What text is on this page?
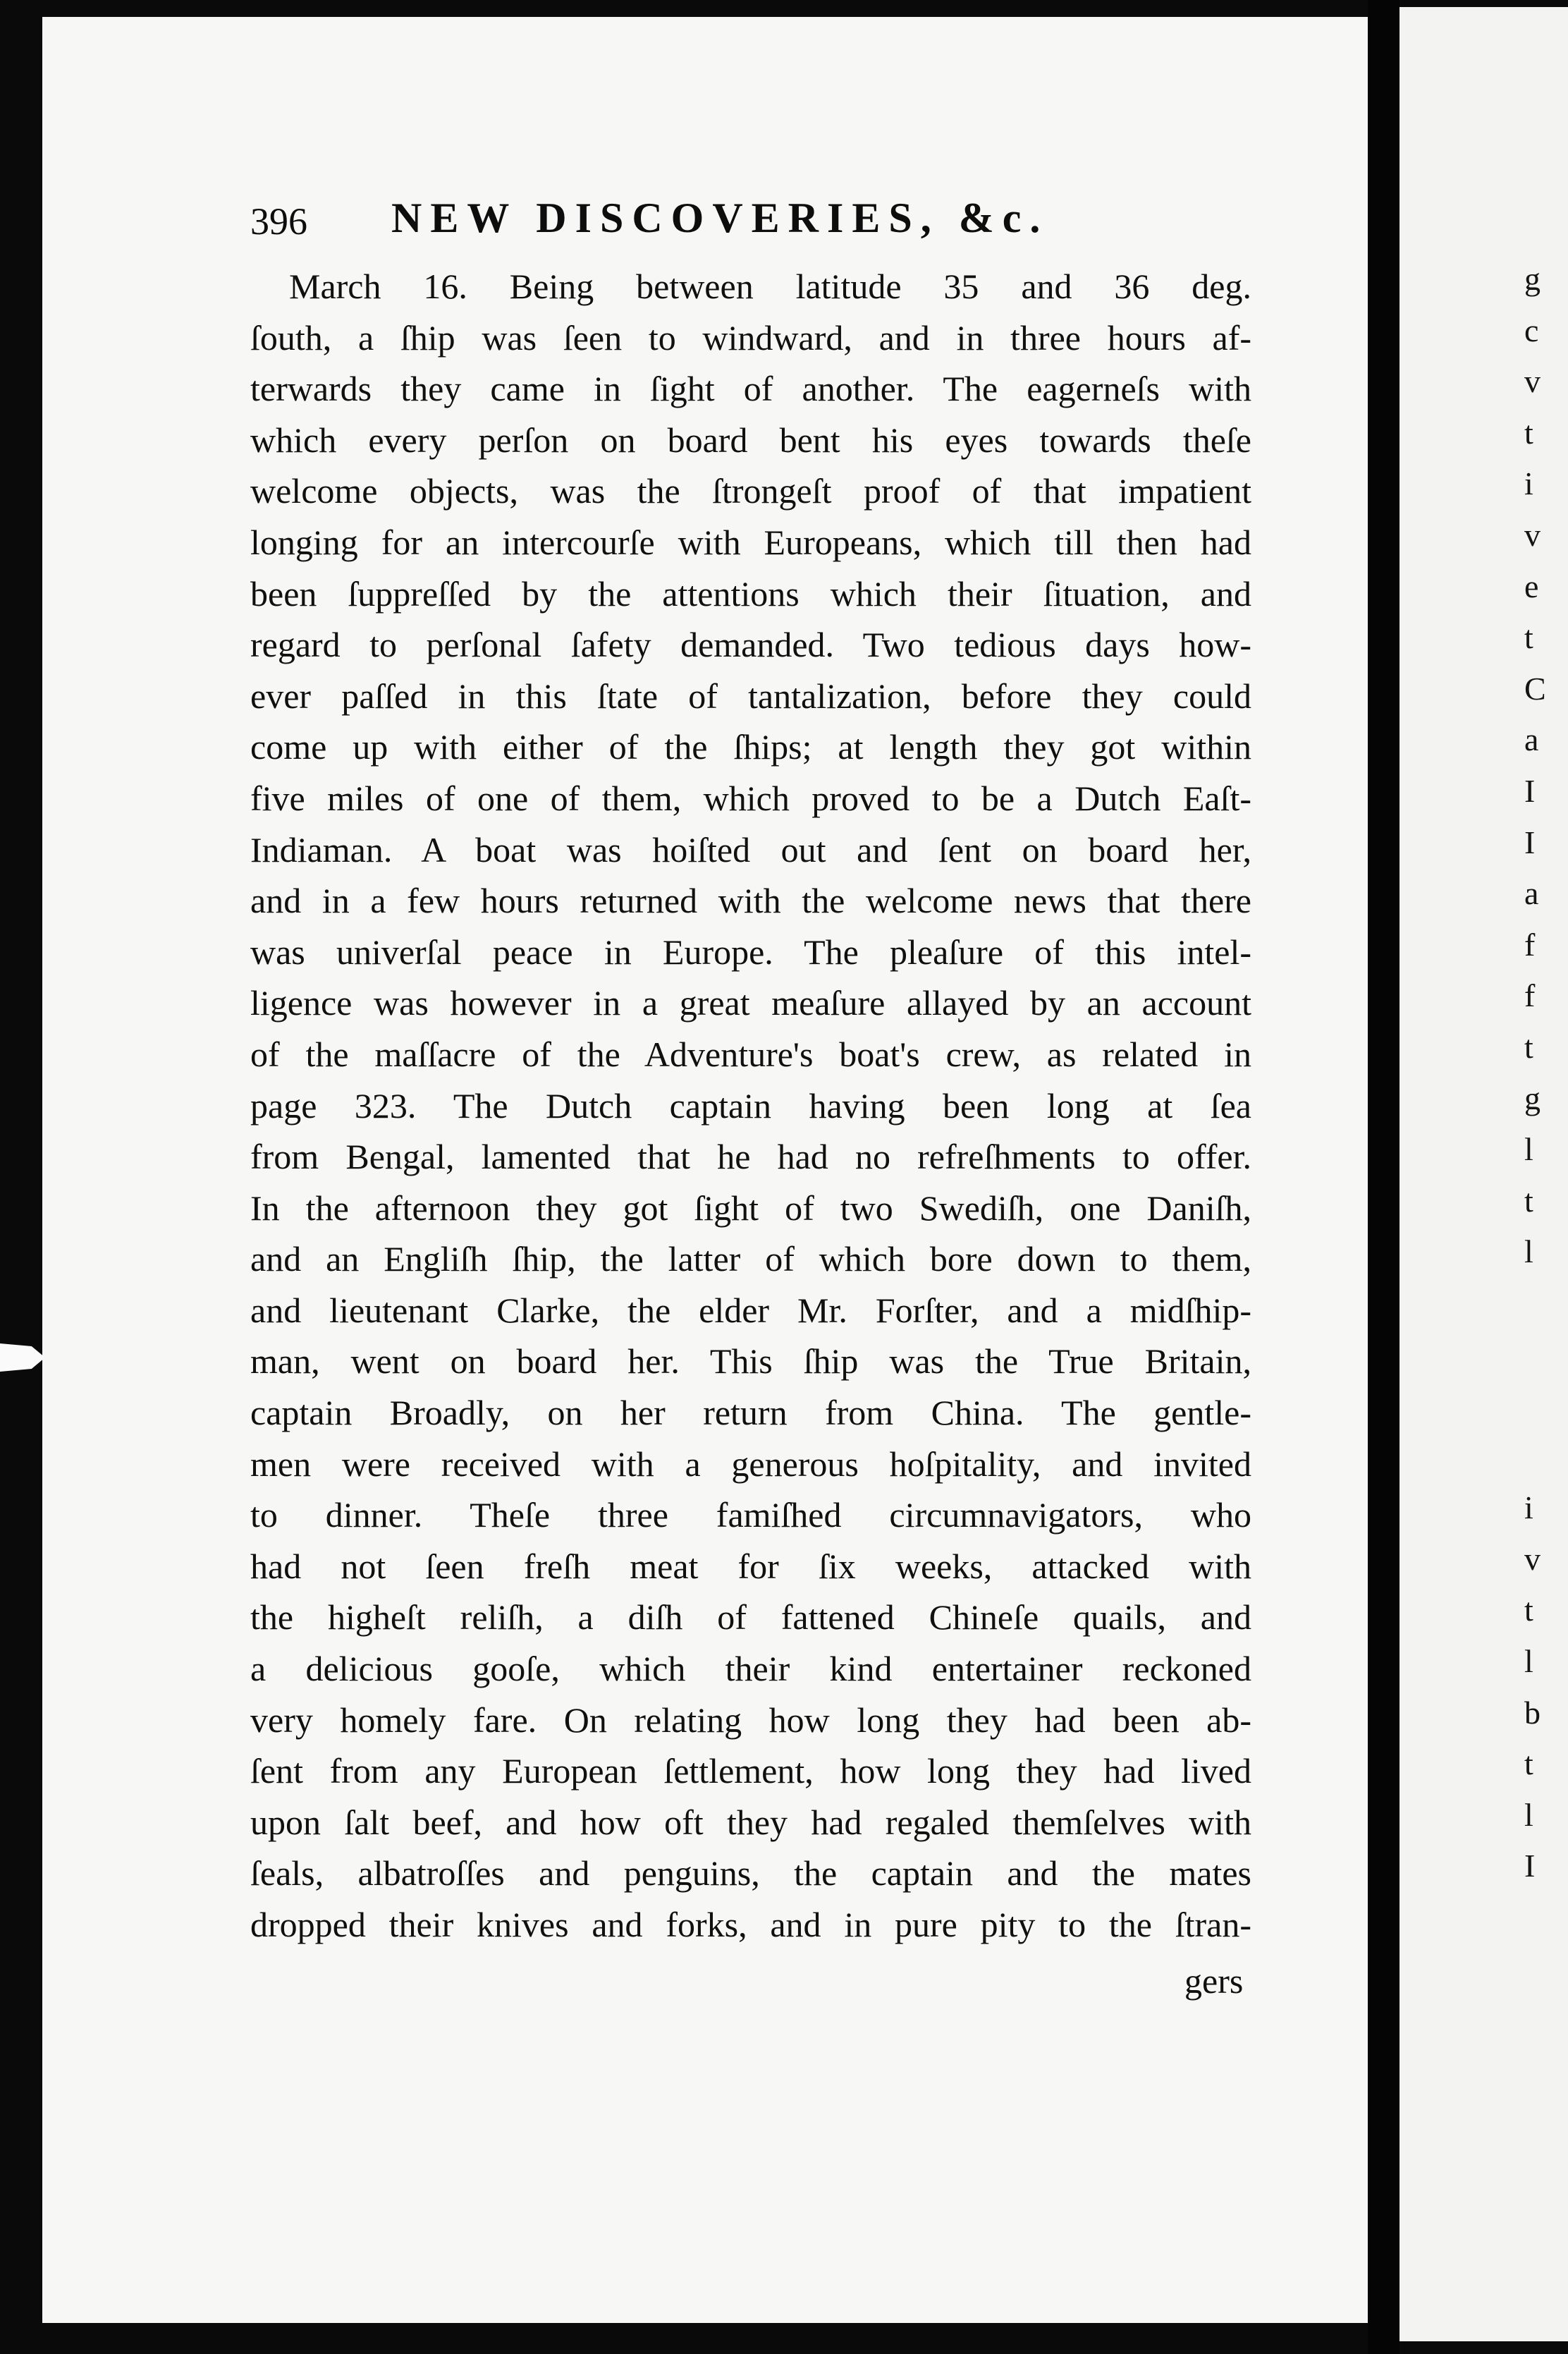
396 NEW DISCOVERIES, &c.
March 16. Being between latitude 35 and 36 deg.
ſouth, a ſhip was ſeen to windward, and in three hours af-
terwards they came in ſight of another. The eagerneſs with
which every perſon on board bent his eyes towards theſe
welcome objects, was the ſtrongeſt proof of that impatient
longing for an intercourſe with Europeans, which till then had
been ſuppreſſed by the attentions which their ſituation, and
regard to perſonal ſafety demanded. Two tedious days how-
ever paſſed in this ſtate of tantalization, before they could
come up with either of the ſhips; at length they got within
five miles of one of them, which proved to be a Dutch Eaſt-
Indiaman. A boat was hoiſted out and ſent on board her,
and in a few hours returned with the welcome news that there
was univerſal peace in Europe. The pleaſure of this intel-
ligence was however in a great meaſure allayed by an account
of the maſſacre of the Adventure's boat's crew, as related in
page 323. The Dutch captain having been long at ſea
from Bengal, lamented that he had no refreſhments to offer.
In the afternoon they got ſight of two Swediſh, one Daniſh,
and an Engliſh ſhip, the latter of which bore down to them,
and lieutenant Clarke, the elder Mr. Forſter, and a midſhip-
man, went on board her. This ſhip was the True Britain,
captain Broadly, on her return from China. The gentle-
men were received with a generous hoſpitality, and invited
to dinner. Theſe three famiſhed circumnavigators, who
had not ſeen freſh meat for ſix weeks, attacked with
the higheſt reliſh, a diſh of fattened Chineſe quails, and
a delicious gooſe, which their kind entertainer reckoned
very homely fare. On relating how long they had been ab-
ſent from any European ſettlement, how long they had lived
upon ſalt beef, and how oft they had regaled themſelves with
ſeals, albatroſſes and penguins, the captain and the mates
dropped their knives and forks, and in pure pity to the ſtran-
gers
g
c
v
t
i
v
e
t
C
a
I
I
a
f
f
t
g
l
t
l
i
v
t
l
b
t
l
I
